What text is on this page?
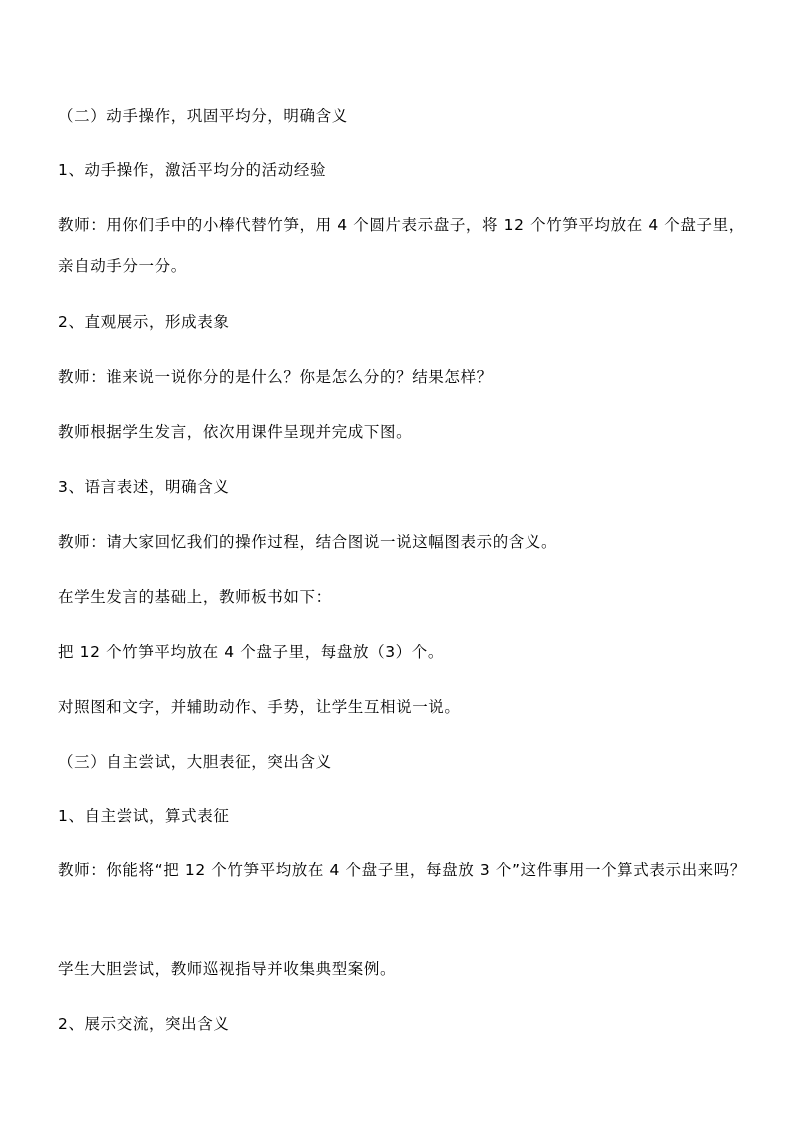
（二）动手操作，巩固平均分，明确含义
1、动手操作，激活平均分的活动经验
教师：用你们手中的小棒代替竹笋，用 4 个圆片表示盘子，将 12 个竹笋平均放在 4 个盘子里，亲自动手分一分。
2、直观展示，形成表象
教师：谁来说一说你分的是什么？你是怎么分的？结果怎样？
教师根据学生发言，依次用课件呈现并完成下图。
3、语言表述，明确含义
教师：请大家回忆我们的操作过程，结合图说一说这幅图表示的含义。
在学生发言的基础上，教师板书如下：
把 12 个竹笋平均放在 4 个盘子里，每盘放（3）个。
对照图和文字，并辅助动作、手势，让学生互相说一说。
（三）自主尝试，大胆表征，突出含义
1、自主尝试，算式表征
教师：你能将“把 12 个竹笋平均放在 4 个盘子里，每盘放 3 个”这件事用一个算式表示出来吗？
学生大胆尝试，教师巡视指导并收集典型案例。
2、展示交流，突出含义
